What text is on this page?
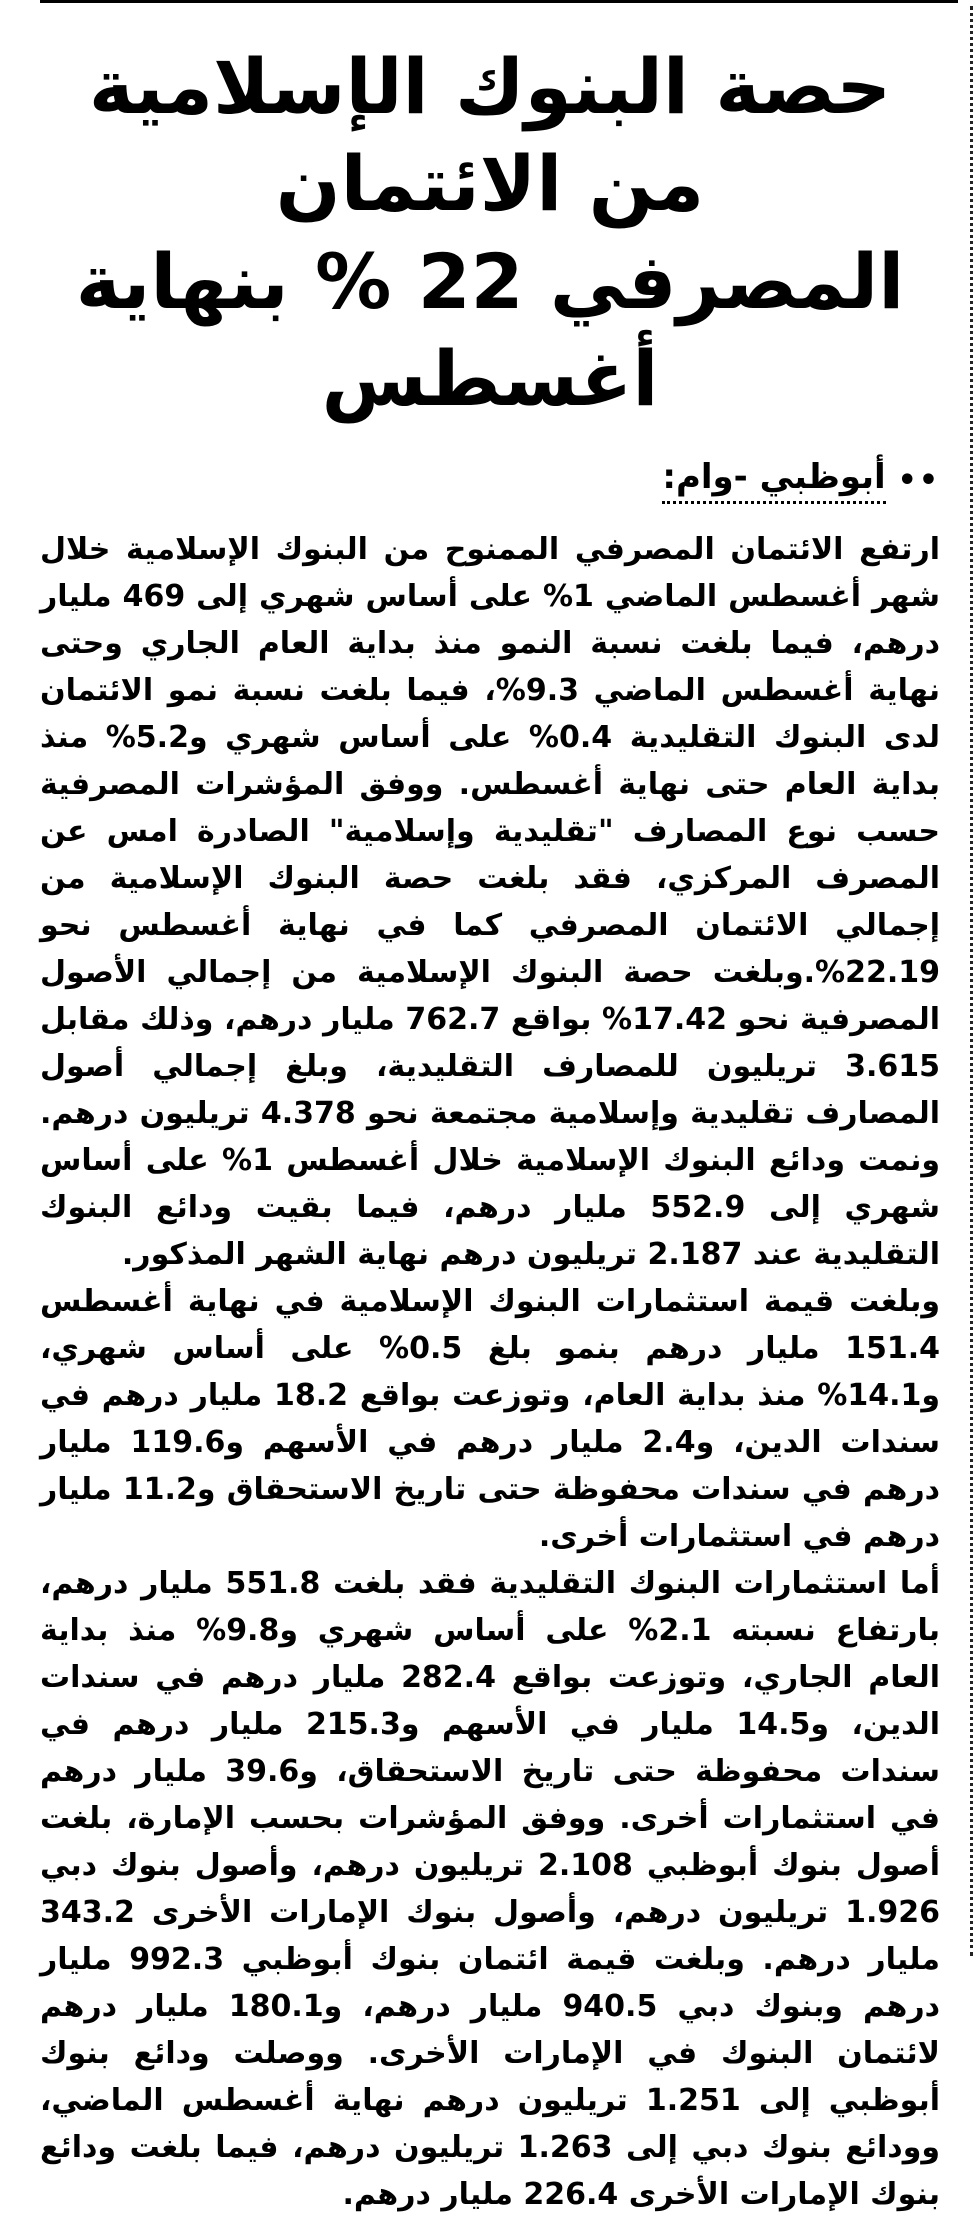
حصة البنوك الإسلامية من الائتمان
المصرفي 22 % بنهاية أغسطس
••
أبوظبي -وام:

ارتفع الائتمان المصرفي الممنوح من البنوك الإسلامية خلال شهر أغسطس الماضي 1% على أساس شهري إلى 469 مليار درهم، فيما بلغت نسبة النمو منذ بداية العام الجاري وحتى نهاية أغسطس الماضي 9.3%، فيما بلغت نسبة نمو الائتمان لدى البنوك التقليدية 0.4% على أساس شهري و5.2% منذ بداية العام حتى نهاية أغسطس. ووفق المؤشرات المصرفية حسب نوع المصارف "تقليدية وإسلامية" الصادرة امس عن المصرف المركزي، فقد بلغت حصة البنوك الإسلامية من إجمالي الائتمان المصرفي كما في نهاية أغسطس نحو 22.19%.وبلغت حصة البنوك الإسلامية من إجمالي الأصول المصرفية نحو 17.42% بواقع 762.7 مليار درهم، وذلك مقابل 3.615 تريليون للمصارف التقليدية، وبلغ إجمالي أصول المصارف تقليدية وإسلامية مجتمعة نحو 4.378 تريليون درهم. ونمت ودائع البنوك الإسلامية خلال أغسطس 1% على أساس شهري إلى 552.9 مليار درهم، فيما بقيت ودائع البنوك التقليدية عند 2.187 تريليون درهم نهاية الشهر المذكور.

وبلغت قيمة استثمارات البنوك الإسلامية في نهاية أغسطس 151.4 مليار درهم بنمو بلغ 0.5% على أساس شهري، و14.1% منذ بداية العام، وتوزعت بواقع 18.2 مليار درهم في سندات الدين، و2.4 مليار درهم في الأسهم و119.6 مليار درهم في سندات محفوظة حتى تاريخ الاستحقاق و11.2 مليار درهم في استثمارات أخرى.

أما استثمارات البنوك التقليدية فقد بلغت 551.8 مليار درهم، بارتفاع نسبته 2.1% على أساس شهري و9.8% منذ بداية العام الجاري، وتوزعت بواقع 282.4 مليار درهم في سندات الدين، و14.5 مليار في الأسهم و215.3 مليار درهم في سندات محفوظة حتى تاريخ الاستحقاق، و39.6 مليار درهم في استثمارات أخرى. ووفق المؤشرات بحسب الإمارة، بلغت أصول بنوك أبوظبي 2.108 تريليون درهم، وأصول بنوك دبي 1.926 تريليون درهم، وأصول بنوك الإمارات الأخرى 343.2 مليار درهم. وبلغت قيمة ائتمان بنوك أبوظبي 992.3 مليار درهم وبنوك دبي 940.5 مليار درهم، و180.1 مليار درهم لائتمان البنوك في الإمارات الأخرى. ووصلت ودائع بنوك أبوظبي إلى 1.251 تريليون درهم نهاية أغسطس الماضي، وودائع بنوك دبي إلى 1.263 تريليون درهم، فيما بلغت ودائع بنوك الإمارات الأخرى 226.4 مليار درهم.
